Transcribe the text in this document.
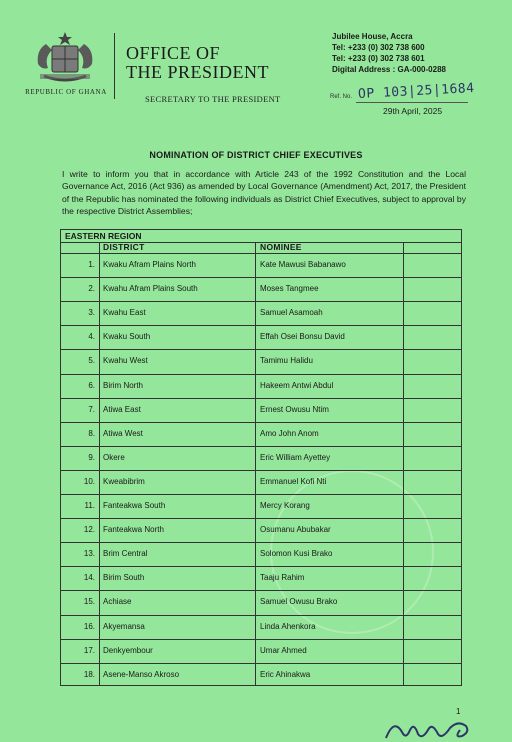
REPUBLIC OF GHANA
OFFICE OF
THE PRESIDENT
SECRETARY TO THE PRESIDENT
Jubilee House, Accra
Tel: +233 (0) 302 738 600
Tel: +233 (0) 302 738 601
Digital Address : GA-000-0288
Ref. No. OP 103|25|1684
29th April, 2025
NOMINATION OF DISTRICT CHIEF EXECUTIVES
I write to inform you that in accordance with Article 243 of the 1992 Constitution and the Local Governance Act, 2016 (Act 936) as amended by Local Governance (Amendment) Act, 2017, the President of the Republic has nominated the following individuals as District Chief Executives, subject to approval by the respective District Assemblies;
EASTERN REGION
DISTRICT	NOMINEE
1. Kwaku Afram Plains North	Kate Mawusi Babanawo
2. Kwahu Afram Plains South	Moses Tangmee
3. Kwahu East	Samuel Asamoah
4. Kwaku South	Effah Osei Bonsu David
5. Kwahu West	Tamimu Halidu
6. Birim North	Hakeem Antwi Abdul
7. Atiwa East	Ernest Owusu Ntim
8. Atiwa West	Amo John Anom
9. Okere	Eric William Ayettey
10. Kweabibrim	Emmanuel Kofi Nti
11. Fanteakwa South	Mercy Korang
12. Fanteakwa North	Osumanu Abubakar
13. Brim Central	Solomon Kusi Brako
14. Birim South	Taaju Rahim
15. Achiase	Samuel Owusu Brako
16. Akyemansa	Linda Ahenkora
17. Denkyembour	Umar Ahmed
18. Asene-Manso Akroso	Eric Ahinakwa
1
